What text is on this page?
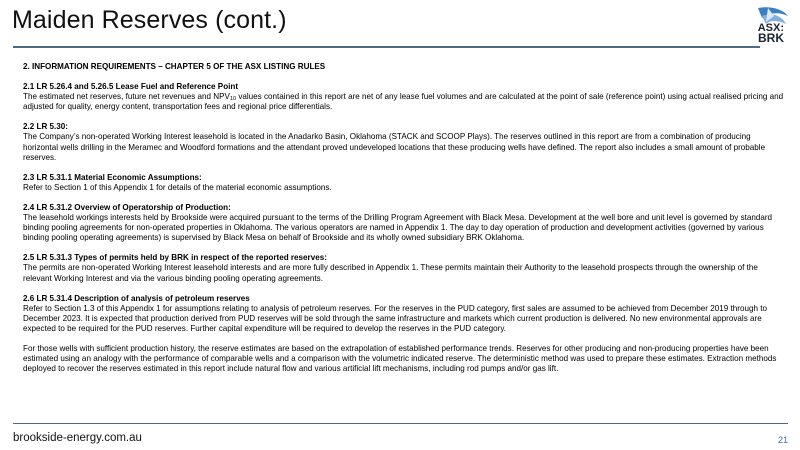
Maiden Reserves (cont.)	ASX:
BRK
2. INFORMATION REQUIREMENTS – CHAPTER 5 OF THE ASX LISTING RULES
2.1 LR 5.26.4 and 5.26.5 Lease Fuel and Reference Point
The estimated net reserves, future net revenues and $NPV_{10}$ values contained in this report are net of any lease fuel volumes and are calculated at the point of sale (reference point) using actual realised pricing and adjusted for quality, energy content, transportation fees and regional price differentials.
2.2 LR 5.30:
The Company’s non-operated Working Interest leasehold is located in the Anadarko Basin, Oklahoma (STACK and SCOOP Plays). The reserves outlined in this report are from a combination of producing horizontal wells drilling in the Meramec and Woodford formations and the attendant proved undeveloped locations that these producing wells have defined. The report also includes a small amount of probable reserves.
2.3 LR 5.31.1 Material Economic Assumptions:
Refer to Section 1 of this Appendix 1 for details of the material economic assumptions.
2.4 LR 5.31.2 Overview of Operatorship of Production:
The leasehold workings interests held by Brookside were acquired pursuant to the terms of the Drilling Program Agreement with Black Mesa. Development at the well bore and unit level is governed by standard binding pooling agreements for non-operated properties in Oklahoma. The various operators are named in Appendix 1. The day to day operation of production and development activities (governed by various binding pooling operating agreements) is supervised by Black Mesa on behalf of Brookside and its wholly owned subsidiary BRK Oklahoma.
2.5 LR 5.31.3 Types of permits held by BRK in respect of the reported reserves:
The permits are non-operated Working Interest leasehold interests and are more fully described in Appendix 1. These permits maintain their Authority to the leasehold prospects through the ownership of the relevant Working Interest and via the various binding pooling operating agreements.
2.6 LR 5.31.4 Description of analysis of petroleum reserves
Refer to Section 1.3 of this Appendix 1 for assumptions relating to analysis of petroleum reserves. For the reserves in the PUD category, first sales are assumed to be achieved from December 2019 through to December 2023. It is expected that production derived from PUD reserves will be sold through the same infrastructure and markets which current production is delivered. No new environmental approvals are expected to be required for the PUD reserves. Further capital expenditure will be required to develop the reserves in the PUD category.
For those wells with sufficient production history, the reserve estimates are based on the extrapolation of established performance trends. Reserves for other producing and non-producing properties have been estimated using an analogy with the performance of comparable wells and a comparison with the volumetric indicated reserve. The deterministic method was used to prepare these estimates. Extraction methods deployed to recover the reserves estimated in this report include natural flow and various artificial lift mechanisms, including rod pumps and/or gas lift.
brookside-energy.com.au	21
